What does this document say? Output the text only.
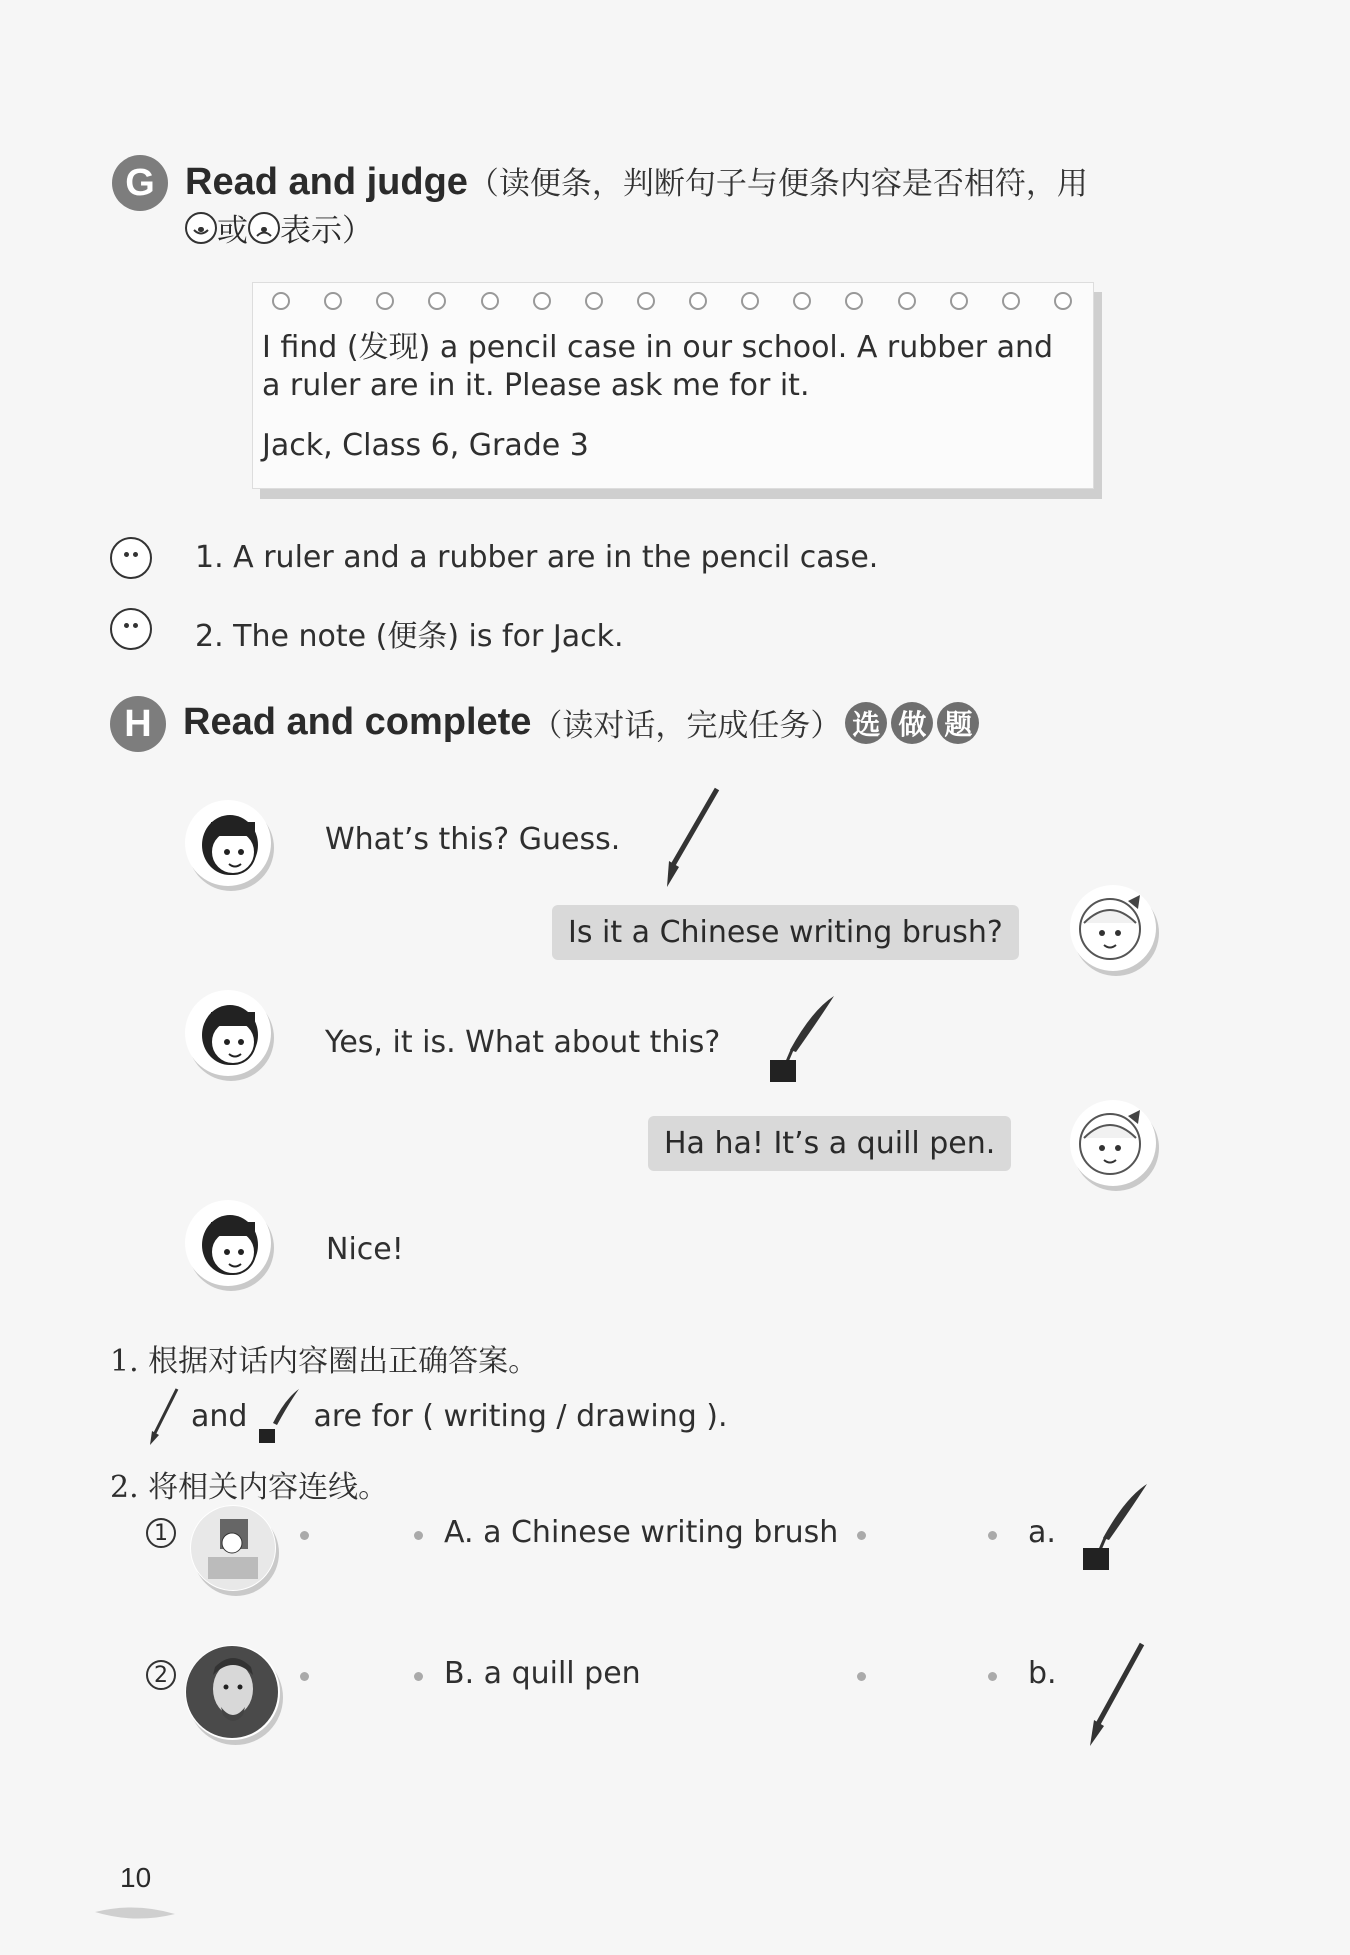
G Read and judge（读便条，判断句子与便条内容是否相符，用
或 表示）
I find (发现) a pencil case in our school. A rubber and
a ruler are in it. Please ask me for it.
Jack, Class 6, Grade 3
1. A ruler and a rubber are in the pencil case.
2. The note (便条) is for Jack.
H Read and complete （读对话，完成任务） 选 做 题
What’s this? Guess.
Is it a Chinese writing brush?
Yes, it is. What about this?
Ha ha! It’s a quill pen.
Nice!
1. 根据对话内容圈出正确答案。
and are for ( writing / drawing ).
2. 将相关内容连线。
1	A. a Chinese writing brush	a.
2	B. a quill pen	b.
10
